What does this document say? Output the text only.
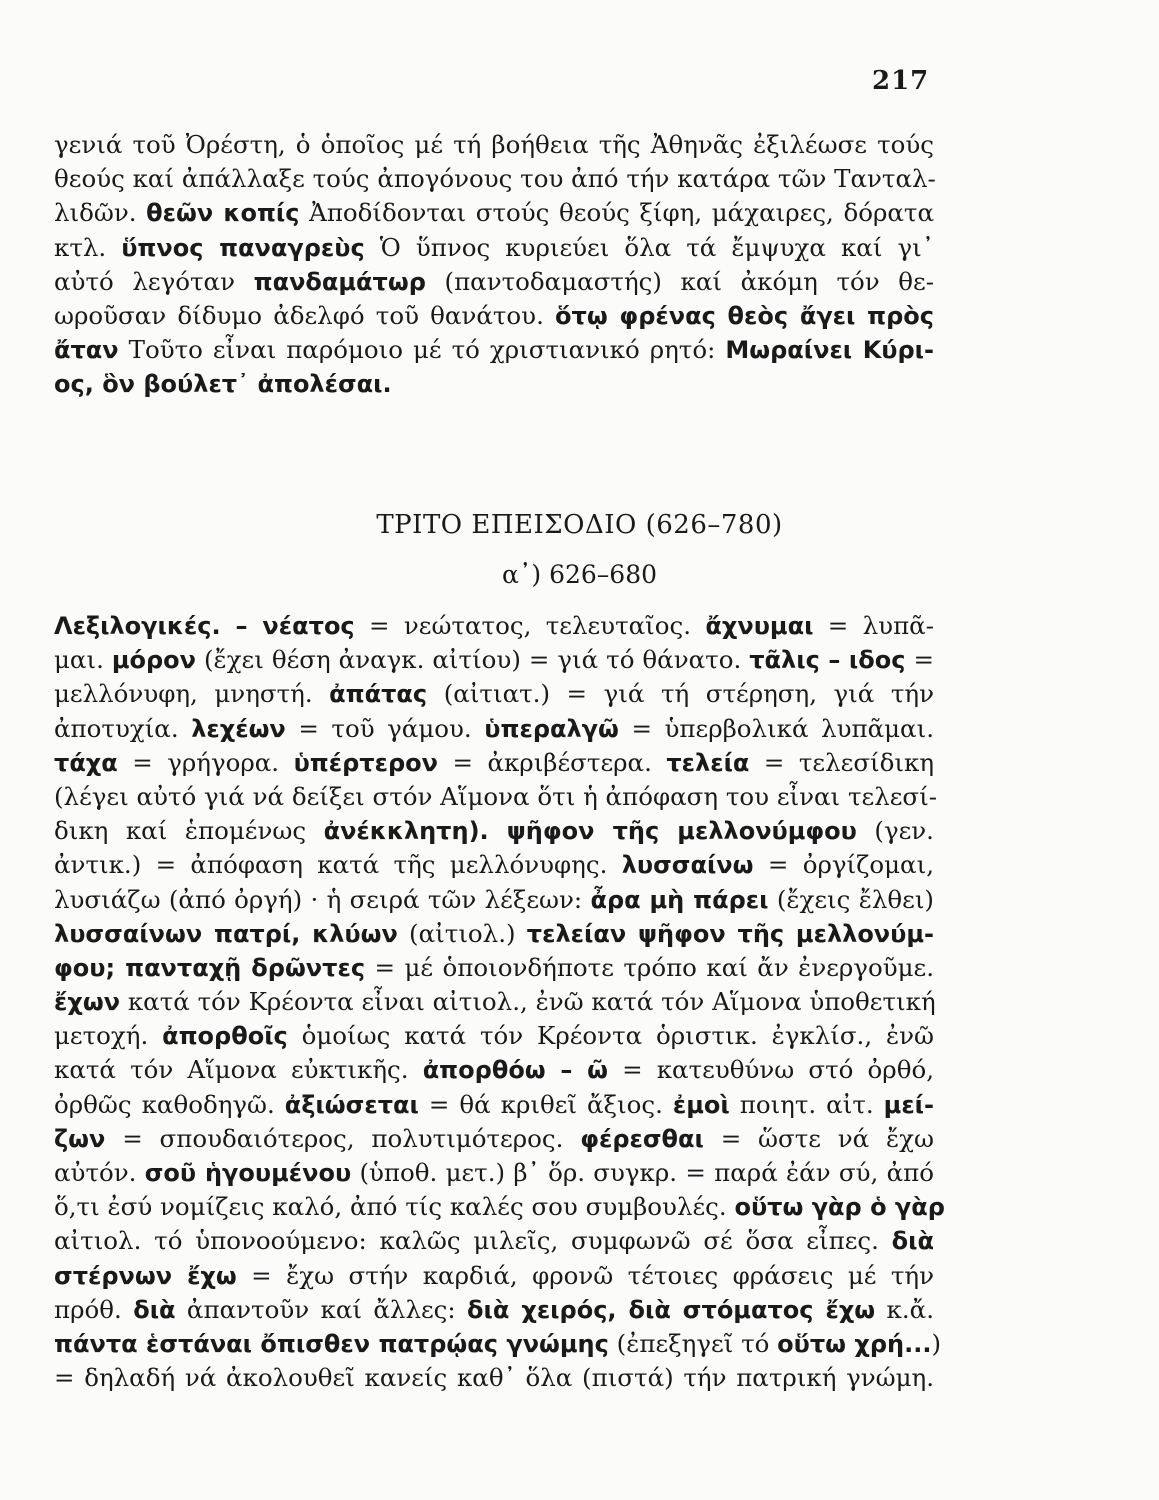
217
γενιά τοῦ Ὀρέστη, ὁ ὁποῖος μέ τή βοήθεια τῆς Ἀθηνᾶς ἐξιλέωσε τούς
θεούς καί ἀπάλλαξε τούς ἀπογόνους του ἀπό τήν κατάρα τῶν Τανταλ-
λιδῶν. θεῶν κοπίς Ἀποδίδονται στούς θεούς ξίφη, μάχαιρες, δόρατα
κτλ. ὕπνος παναγρεὺς Ὁ ὕπνος κυριεύει ὅλα τά ἔμψυχα καί γι᾿
αὐτό λεγόταν πανδαμάτωρ (παντοδαμαστής) καί ἀκόμη τόν θε-
ωροῦσαν δίδυμο ἀδελφό τοῦ θανάτου. ὅτῳ φρένας θεὸς ἄγει πρὸς
ἄταν Τοῦτο εἶναι παρόμοιο μέ τό χριστιανικό ρητό: Μωραίνει Κύρι-
ος, ὃν βούλετ᾿ ἀπολέσαι.
ΤΡΙΤΟ ΕΠΕΙΣΟΔΙΟ (626–780)
α᾿) 626–680
Λεξιλογικές. – νέατος = νεώτατος, τελευταῖος. ἄχνυμαι = λυπᾶ-
μαι. μόρον (ἔχει θέση ἀναγκ. αἰτίου) = γιά τό θάνατο. τᾶλις – ιδος =
μελλόνυφη, μνηστή. ἀπάτας (αἰτιατ.) = γιά τή στέρηση, γιά τήν
ἀποτυχία. λεχέων = τοῦ γάμου. ὑπεραλγῶ = ὑπερβολικά λυπᾶμαι.
τάχα = γρήγορα. ὑπέρτερον = ἀκριβέστερα. τελεία = τελεσίδικη
(λέγει αὐτό γιά νά δείξει στόν Αἵμονα ὅτι ἡ ἀπόφαση του εἶναι τελεσί-
δικη καί ἑπομένως ἀνέκκλητη). ψῆφον τῆς μελλονύμφου (γεν.
ἀντικ.) = ἀπόφαση κατά τῆς μελλόνυφης. λυσσαίνω = ὀργίζομαι,
λυσιάζω (ἀπό ὀργή) · ἡ σειρά τῶν λέξεων: ἆρα μὴ πάρει (ἔχεις ἔλθει)
λυσσαίνων πατρί, κλύων (αἰτιολ.) τελείαν ψῆφον τῆς μελλονύμ-
φου; πανταχῇ δρῶντες = μέ ὁποιονδήποτε τρόπο καί ἄν ἐνεργοῦμε.
ἔχων κατά τόν Κρέοντα εἶναι αἰτιολ., ἐνῶ κατά τόν Αἵμονα ὑποθετική
μετοχή. ἀπορθοῖς ὁμοίως κατά τόν Κρέοντα ὁριστικ. ἐγκλίσ., ἐνῶ
κατά τόν Αἵμονα εὐκτικῆς. ἀπορθόω – ῶ = κατευθύνω στό ὀρθό,
ὀρθῶς καθοδηγῶ. ἀξιώσεται = θά κριθεῖ ἄξιος. ἐμοὶ ποιητ. αἰτ. μεί-
ζων = σπουδαιότερος, πολυτιμότερος. φέρεσθαι = ὥστε νά ἔχω
αὐτόν. σοῦ ἡγουμένου (ὑποθ. μετ.) β᾿ ὅρ. συγκρ. = παρά ἐάν σύ, ἀπό
ὅ,τι ἐσύ νομίζεις καλό, ἀπό τίς καλές σου συμβουλές. οὕτω γὰρ ὁ γὰρ
αἰτιολ. τό ὑπονοούμενο: καλῶς μιλεῖς, συμφωνῶ σέ ὅσα εἶπες. διὰ
στέρνων ἔχω = ἔχω στήν καρδιά, φρονῶ τέτοιες φράσεις μέ τήν
πρόθ. διὰ ἀπαντοῦν καί ἄλλες: διὰ χειρός, διὰ στόματος ἔχω κ.ἄ.
πάντα ἑστάναι ὄπισθεν πατρῴας γνώμης (ἐπεξηγεῖ τό οὕτω χρή...)
= δηλαδή νά ἀκολουθεῖ κανείς καθ᾿ ὅλα (πιστά) τήν πατρική γνώμη.
